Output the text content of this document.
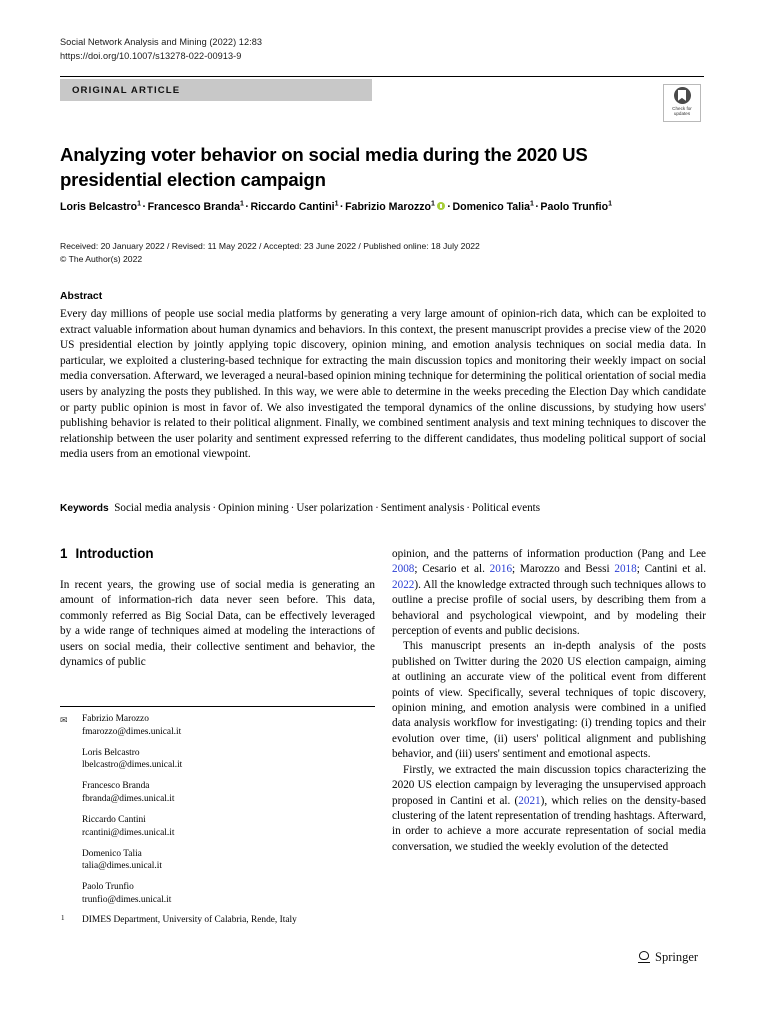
Social Network Analysis and Mining (2022) 12:83
https://doi.org/10.1007/s13278-022-00913-9
ORIGINAL ARTICLE
Check for
updates
Analyzing voter behavior on social media during the 2020 US presidential election campaign
Loris Belcastro$^1$ · Francesco Branda$^1$ · Riccardo Cantini$^1$ · Fabrizio Marozzo$^1$ · Domenico Talia$^1$ · Paolo Trunfio$^1$
Received: 20 January 2022 / Revised: 11 May 2022 / Accepted: 23 June 2022 / Published online: 18 July 2022
© The Author(s) 2022
Abstract
Every day millions of people use social media platforms by generating a very large amount of opinion-rich data, which can be exploited to extract valuable information about human dynamics and behaviors. In this context, the present manuscript provides a precise view of the 2020 US presidential election by jointly applying topic discovery, opinion mining, and emotion analysis techniques on social media data. In particular, we exploited a clustering-based technique for extracting the main discussion topics and monitoring their weekly impact on social media conversation. Afterward, we leveraged a neural-based opinion mining technique for determining the political orientation of social media users by analyzing the posts they published. In this way, we were able to determine in the weeks preceding the Election Day which candidate or party public opinion is most in favor of. We also investigated the temporal dynamics of the online discussions, by studying how users' publishing behavior is related to their political alignment. Finally, we combined sentiment analysis and text mining techniques to discover the relationship between the user polarity and sentiment expressed referring to the different candidates, thus modeling political support of social media users from an emotional viewpoint.
Keywords Social media analysis · Opinion mining · User polarization · Sentiment analysis · Political events
1 Introduction
In recent years, the growing use of social media is generating an amount of information-rich data never seen before. This data, commonly referred as Big Social Data, can be effectively leveraged by a wide range of techniques aimed at modeling the interactions of users on social media, their collective sentiment and behavior, the dynamics of public

opinion, and the patterns of information production (Pang and Lee 2008; Cesario et al. 2016; Marozzo and Bessi 2018; Cantini et al. 2022). All the knowledge extracted through such techniques allows to outline a precise profile of social users, by describing them from a behavioral and psychological viewpoint, and by modeling their perception of events and public decisions.

This manuscript presents an in-depth analysis of the posts published on Twitter during the 2020 US election campaign, aiming at outlining an accurate view of the political event from different points of view. Specifically, several techniques of topic discovery, opinion mining, and emotion analysis were combined in a unified data analysis workflow for investigating: (i) trending topics and their evolution over time, (ii) users' political alignment and publishing behavior, and (iii) users' sentiment and emotional aspects.

Firstly, we extracted the main discussion topics characterizing the 2020 US election campaign by leveraging the unsupervised approach proposed in Cantini et al. (2021), which relies on the density-based clustering of the latent representation of trending hashtags. Afterward, in order to achieve a more accurate representation of social media conversation, we studied the weekly evolution of the detected

✉ Fabrizio Marozzo
fmarozzo@dimes.unical.it
Loris Belcastro
lbelcastro@dimes.unical.it
Francesco Branda
fbranda@dimes.unical.it
Riccardo Cantini
rcantini@dimes.unical.it
Domenico Talia
talia@dimes.unical.it
Paolo Trunfio
trunfio@dimes.unical.it
1 DIMES Department, University of Calabria, Rende, Italy
Springer
